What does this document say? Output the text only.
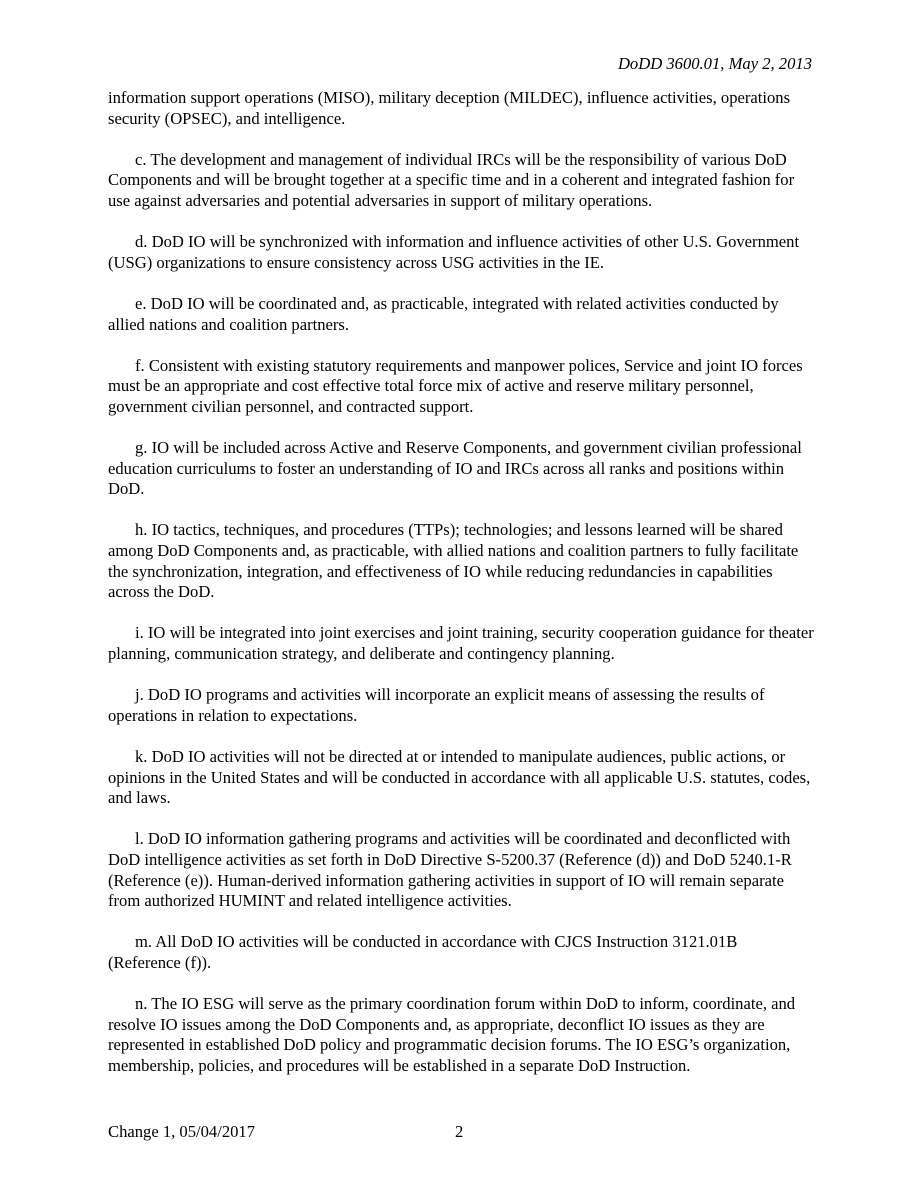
DoDD 3600.01, May 2, 2013

information support operations (MISO), military deception (MILDEC), influence activities, operations security (OPSEC), and intelligence.

c. The development and management of individual IRCs will be the responsibility of various DoD Components and will be brought together at a specific time and in a coherent and integrated fashion for use against adversaries and potential adversaries in support of military operations.

d. DoD IO will be synchronized with information and influence activities of other U.S. Government (USG) organizations to ensure consistency across USG activities in the IE.

e. DoD IO will be coordinated and, as practicable, integrated with related activities conducted by allied nations and coalition partners.

f. Consistent with existing statutory requirements and manpower polices, Service and joint IO forces must be an appropriate and cost effective total force mix of active and reserve military personnel, government civilian personnel, and contracted support.

g. IO will be included across Active and Reserve Components, and government civilian professional education curriculums to foster an understanding of IO and IRCs across all ranks and positions within DoD.

h. IO tactics, techniques, and procedures (TTPs); technologies; and lessons learned will be shared among DoD Components and, as practicable, with allied nations and coalition partners to fully facilitate the synchronization, integration, and effectiveness of IO while reducing redundancies in capabilities across the DoD.

i. IO will be integrated into joint exercises and joint training, security cooperation guidance for theater planning, communication strategy, and deliberate and contingency planning.

j. DoD IO programs and activities will incorporate an explicit means of assessing the results of operations in relation to expectations.

k. DoD IO activities will not be directed at or intended to manipulate audiences, public actions, or opinions in the United States and will be conducted in accordance with all applicable U.S. statutes, codes, and laws.

l. DoD IO information gathering programs and activities will be coordinated and deconflicted with DoD intelligence activities as set forth in DoD Directive S-5200.37 (Reference (d)) and DoD 5240.1-R (Reference (e)). Human-derived information gathering activities in support of IO will remain separate from authorized HUMINT and related intelligence activities.

m. All DoD IO activities will be conducted in accordance with CJCS Instruction 3121.01B (Reference (f)).

n. The IO ESG will serve as the primary coordination forum within DoD to inform, coordinate, and resolve IO issues among the DoD Components and, as appropriate, deconflict IO issues as they are represented in established DoD policy and programmatic decision forums. The IO ESG’s organization, membership, policies, and procedures will be established in a separate DoD Instruction.

Change 1, 05/04/2017	2
